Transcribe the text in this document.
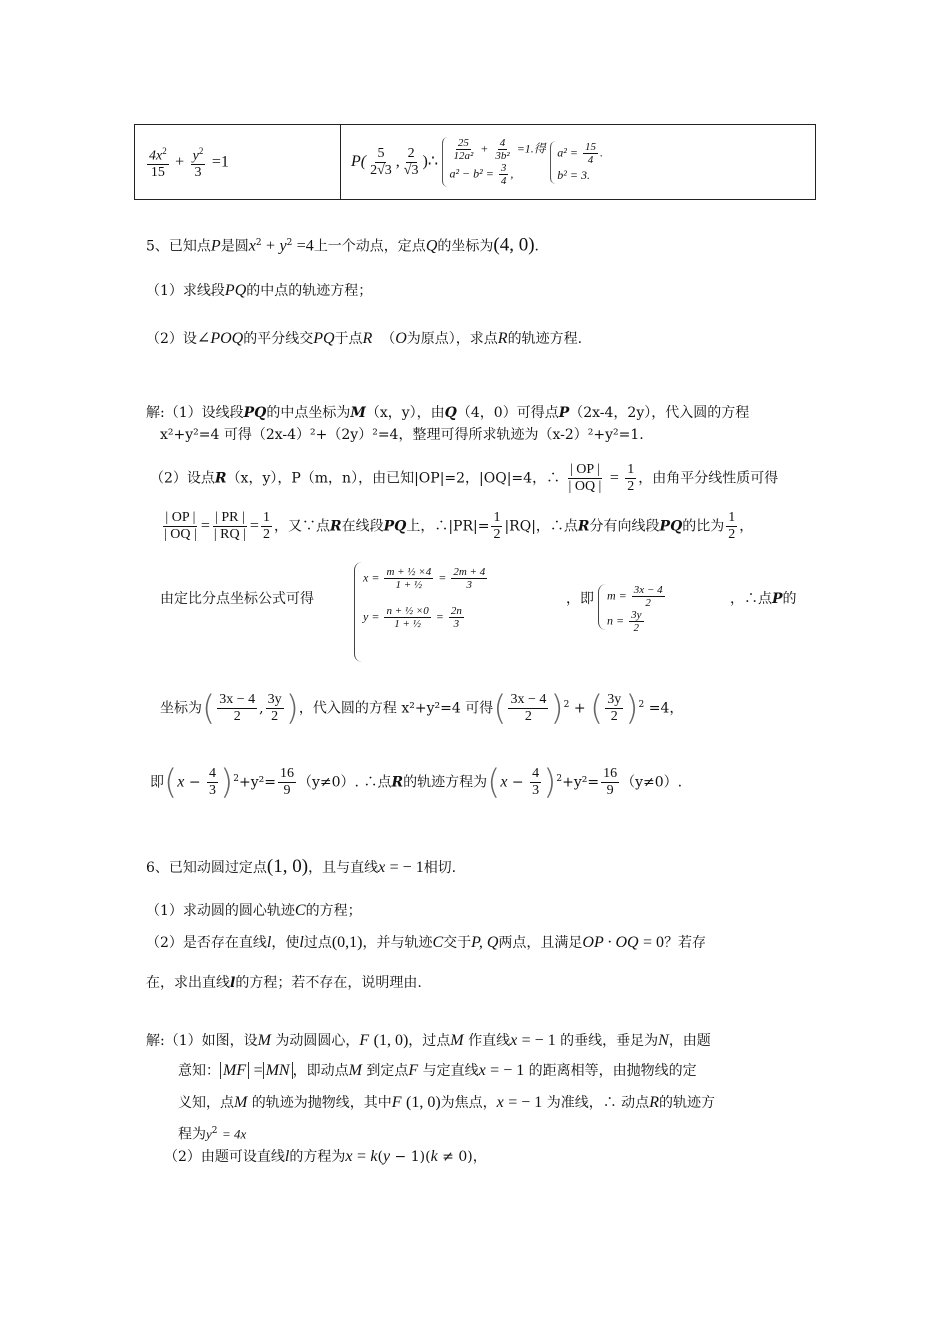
$\frac{4x^2}{15} + \frac{y^2}{3} =1$	$P( \frac{5}{2√3}$ , $\frac{2}{√3}$ )∴ $\frac{25}{\text{12a²}} + \frac{4}{\text{3b²}} =1$.得
$a^2 - b^2 = \frac{3}{4}$ , $a^2 = \frac{15}{4}$ .
b² = 3.
5、已知点P是圆$x^2 + y^2 =4$上一个动点，定点Q的坐标为(4, 0).
（1）求线段PQ的中点的轨迹方程；
（2）设∠POQ的平分线交PQ于点R （O为原点），求点R的轨迹方程.
解:（1）设线段PQ的中点坐标为M（x，y），由Q（4，0）可得点P（2x-4，2y），代入圆的方程
x²+y²=4 可得（2x-4）²+（2y）²=4，整理可得所求轨迹为（x-2）²+y²=1.
（2）设点R（x，y），P（m，n），由已知|OP|=2，|OQ|=4，∴ $\frac{| OP |}{| OQ |} = \frac{1}{2}$ ，由角平分线性质可得
$\frac{| OP |}{| OQ |} = \frac{| PR |}{| RQ |} = \frac{1}{2}$ ，又∵点R在线段PQ上，∴|PR|= $\frac{1}{2} |RQ|$，∴点R分有向线段PQ的比为 $\frac{1}{2}$ ，
由定比分点坐标公式可得
$x = \frac{\text{m + ½ ×4}}{\text{1 + ½}} = \frac{2m + 4}{3}$
$y = \frac{\text{n + ½ ×0}}{\text{1 + ½}} = \frac{2n}{3}$
，即 $m = \frac{3x - 4}{2}$
$n = \frac{3y}{2}$
，∴点P的
坐标为( $\frac{3x - 4}{2}$ , $\frac{3y}{2}$ )，代入圆的方程 x²+y²=4 可得( $\frac{3x - 4}{2} )^2$ + ( $\frac{3y}{2} )^2 =4$，
即$(x - \frac{4}{3} )^2+y^2= \frac{16}{9} (y\ne 0)$. ∴点R的轨迹方程为$(x - \frac{4}{3} )^2+y^2= \frac{16}{9} (y\ne 0)$.
6、已知动圆过定点(1, 0)，且与直线x = − 1相切.
（1）求动圆的圆心轨迹C的方程；
（2）是否存在直线l，使l过点(0,1)，并与轨迹C交于P, Q两点，且满足OP · OQ = 0？若存
在，求出直线l的方程；若不存在，说明理由.
解:（1）如图，设M 为动圆圆心，F (1, 0)，过点M 作直线x = − 1 的垂线，垂足为N，由题
意知： MF = MN ，即动点M 到定点F 与定直线x = − 1 的距离相等，由抛物线的定
义知，点M 的轨迹为抛物线，其中F (1, 0)为焦点，x = − 1 为准线，∴ 动点R的轨迹方
程为$y^2 = 4x$
（2）由题可设直线l的方程为x = k(y − 1)(k ≠ 0)，
